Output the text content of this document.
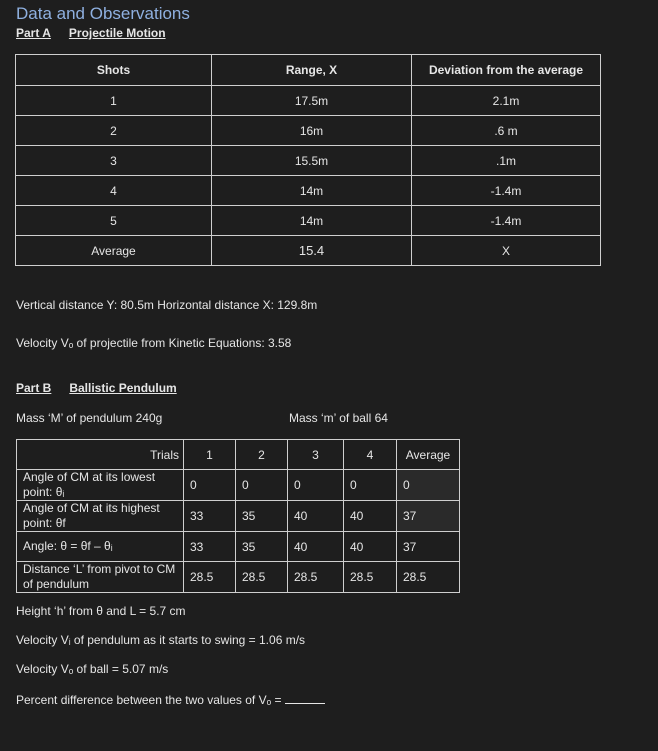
Data and Observations
Part A Projectile Motion
Shots	Range, X	Deviation from the average
1	17.5m	2.1m
2	16m	.6 m
3	15.5m	.1m
4	14m	-1.4m
5	14m	-1.4m
Average	15.4	X
Vertical distance Y: 80.5m Horizontal distance X: 129.8m
Velocity Vₒ of projectile from Kinetic Equations: 3.58
Part B Ballistic Pendulum
Mass ‘M’ of pendulum 240g	Mass ‘m’ of ball 64
Trials	1	2	3	4	Average
Angle of CM at its lowest point: θᵢ	0	0	0	0	0
Angle of CM at its highest point: θf	33	35	40	40	37
Angle: θ = θf – θᵢ	33	35	40	40	37
Distance ‘L’ from pivot to CM of pendulum	28.5	28.5	28.5	28.5	28.5
Height ‘h’ from θ and L = 5.7 cm
Velocity Vᵢ of pendulum as it starts to swing = 1.06 m/s
Velocity Vₒ of ball = 5.07 m/s
Percent difference between the two values of Vₒ =
